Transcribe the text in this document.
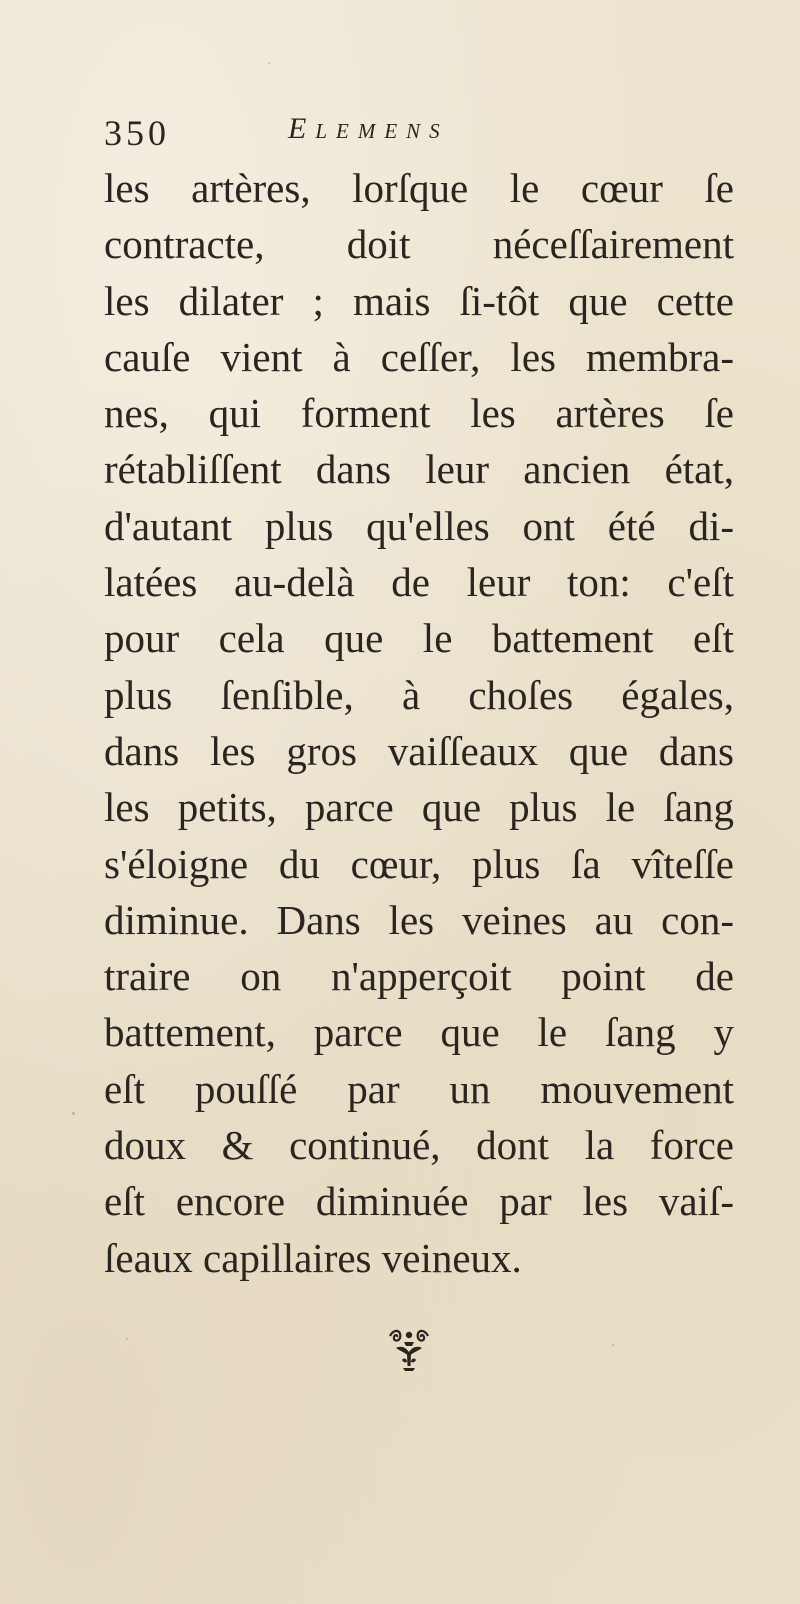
350	Elemens
les artères, lorſque le cœur ſe
contracte, doit néceſſairement
les dilater ; mais ſi-tôt que cette
cauſe vient à ceſſer, les membra-
nes, qui forment les artères ſe
rétabliſſent dans leur ancien état,
d'autant plus qu'elles ont été di-
latées au-delà de leur ton: c'eſt
pour cela que le battement eſt
plus ſenſible, à choſes égales,
dans les gros vaiſſeaux que dans
les petits, parce que plus le ſang
s'éloigne du cœur, plus ſa vîteſſe
diminue. Dans les veines au con-
traire on n'apperçoit point de
battement, parce que le ſang y
eſt pouſſé par un mouvement
doux & continué, dont la force
eſt encore diminuée par les vaiſ-
ſeaux capillaires veineux.
